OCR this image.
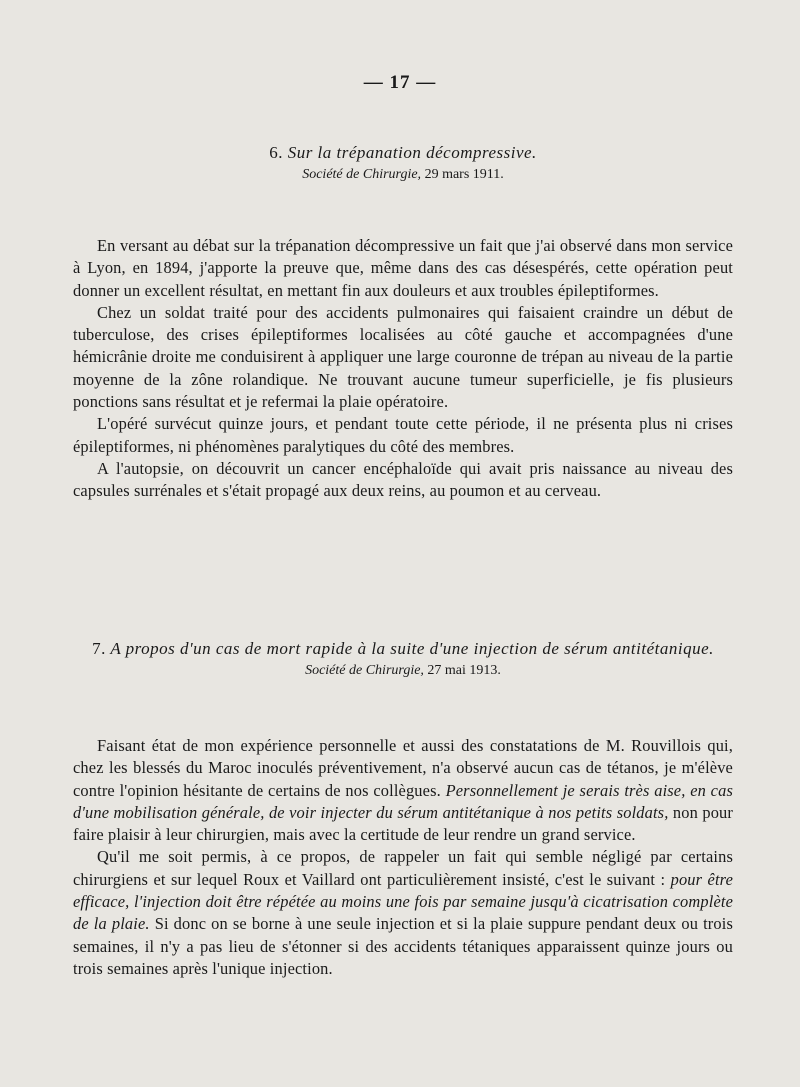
— 17 —
6. Sur la trépanation décompressive.
Société de Chirurgie, 29 mars 1911.

En versant au débat sur la trépanation décompressive un fait que j'ai observé dans mon service à Lyon, en 1894, j'apporte la preuve que, même dans des cas désespérés, cette opération peut donner un excellent résultat, en mettant fin aux douleurs et aux troubles épileptiformes.

Chez un soldat traité pour des accidents pulmonaires qui faisaient craindre un début de tuberculose, des crises épileptiformes localisées au côté gauche et accompagnées d'une hémicrânie droite me conduisirent à appliquer une large couronne de trépan au niveau de la partie moyenne de la zône rolandique. Ne trouvant aucune tumeur superficielle, je fis plusieurs ponctions sans résultat et je refermai la plaie opératoire.

L'opéré survécut quinze jours, et pendant toute cette période, il ne présenta plus ni crises épileptiformes, ni phénomènes paralytiques du côté des membres.

A l'autopsie, on découvrit un cancer encéphaloïde qui avait pris naissance au niveau des capsules surrénales et s'était propagé aux deux reins, au poumon et au cerveau.

7. A propos d'un cas de mort rapide à la suite d'une injection de sérum antitétanique.
Société de Chirurgie, 27 mai 1913.

Faisant état de mon expérience personnelle et aussi des constatations de M. Rouvillois qui, chez les blessés du Maroc inoculés préventivement, n'a observé aucun cas de tétanos, je m'élève contre l'opinion hésitante de certains de nos collègues. Personnellement je serais très aise, en cas d'une mobilisation générale, de voir injecter du sérum antitétanique à nos petits soldats, non pour faire plaisir à leur chirurgien, mais avec la certitude de leur rendre un grand service.

Qu'il me soit permis, à ce propos, de rappeler un fait qui semble négligé par certains chirurgiens et sur lequel Roux et Vaillard ont particulièrement insisté, c'est le suivant : pour être efficace, l'injection doit être répétée au moins une fois par semaine jusqu'à cicatrisation complète de la plaie. Si donc on se borne à une seule injection et si la plaie suppure pendant deux ou trois semaines, il n'y a pas lieu de s'étonner si des accidents tétaniques apparaissent quinze jours ou trois semaines après l'unique injection.
